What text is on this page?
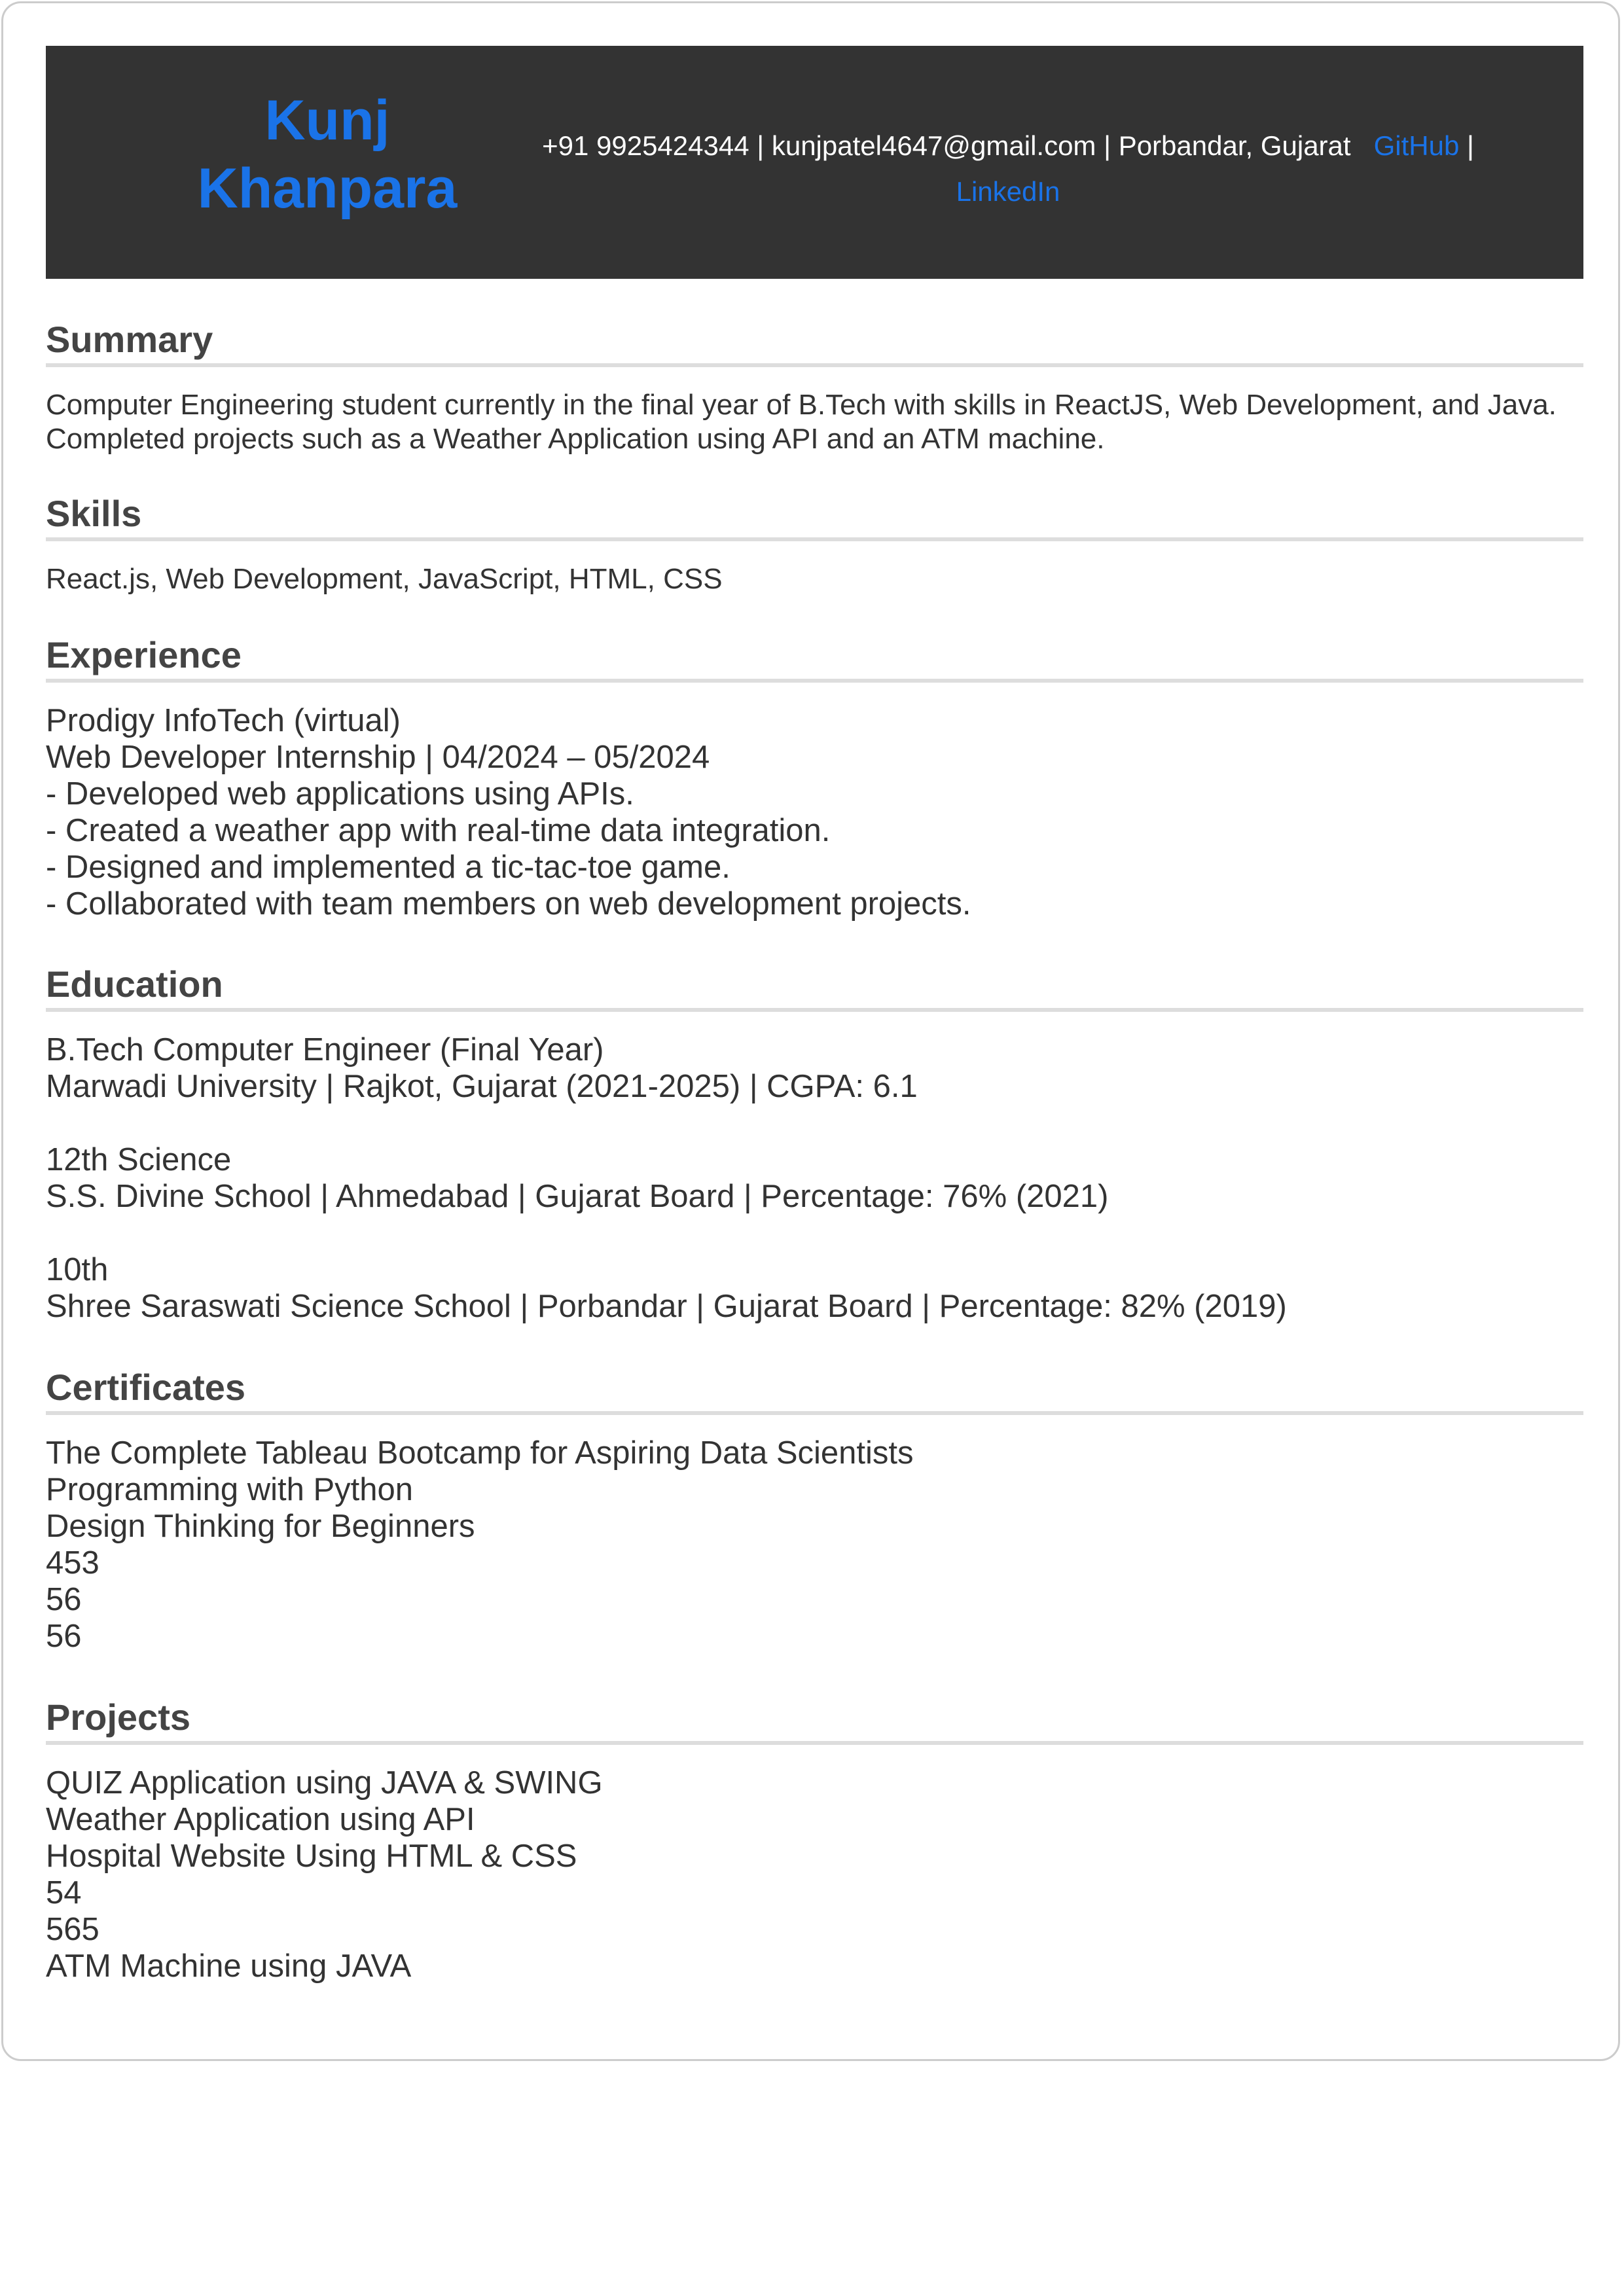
Kunj
Khanpara
+91 9925424344 | kunjpatel4647@gmail.com | Porbandar, Gujarat GitHub |
LinkedIn
Summary
Computer Engineering student currently in the final year of B.Tech with skills in ReactJS, Web Development, and Java. Completed projects such as a Weather Application using API and an ATM machine.
Skills
React.js, Web Development, JavaScript, HTML, CSS
Experience
Prodigy InfoTech (virtual)
Web Developer Internship | 04/2024 – 05/2024
- Developed web applications using APIs.
- Created a weather app with real-time data integration.
- Designed and implemented a tic-tac-toe game.
- Collaborated with team members on web development projects.
Education
B.Tech Computer Engineer (Final Year)
Marwadi University | Rajkot, Gujarat (2021-2025) | CGPA: 6.1
12th Science
S.S. Divine School | Ahmedabad | Gujarat Board | Percentage: 76% (2021)
10th
Shree Saraswati Science School | Porbandar | Gujarat Board | Percentage: 82% (2019)
Certificates
The Complete Tableau Bootcamp for Aspiring Data Scientists
Programming with Python
Design Thinking for Beginners
453
56
56
Projects
QUIZ Application using JAVA & SWING
Weather Application using API
Hospital Website Using HTML & CSS
54
565
ATM Machine using JAVA
